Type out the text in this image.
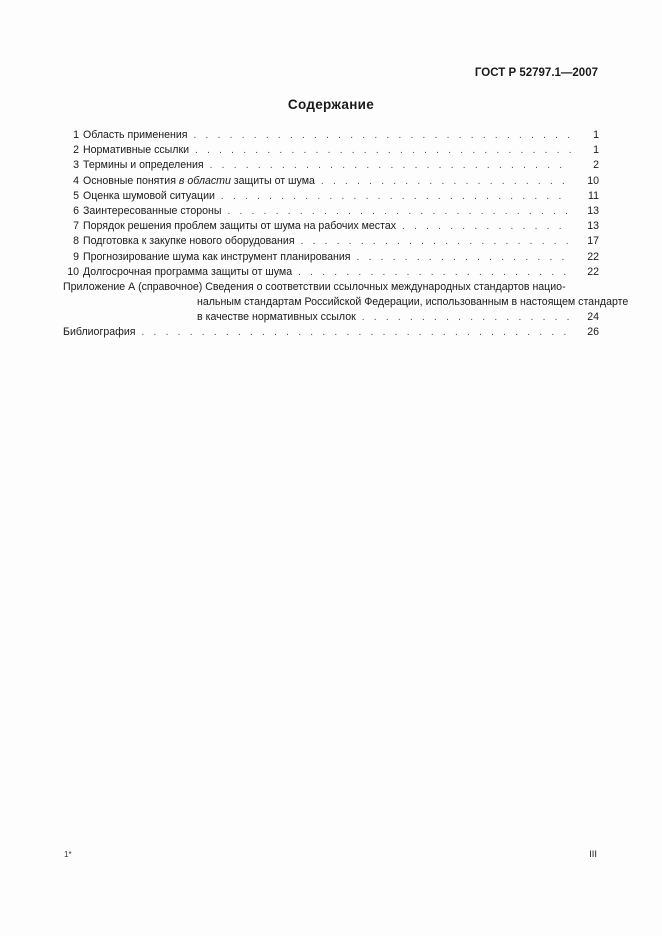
ГОСТ Р 52797.1—2007
Содержание
1 Область применения . . .	1
2 Нормативные ссылки . . .	1
3 Термины и определения . . .	2
4 Основные понятия в области защиты от шума . . .	10
5 Оценка шумовой ситуации . . .	11
6 Заинтересованные стороны . . .	13
7 Порядок решения проблем защиты от шума на рабочих местах . . .	13
8 Подготовка к закупке нового оборудования . . .	17
9 Прогнозирование шума как инструмент планирования . . .	22
10 Долгосрочная программа защиты от шума . . .	22
Приложение А (справочное) Сведения о соответствии ссылочных международных стандартов нацио-
нальным стандартам Российской Федерации, использованным в настоящем стандарте
в качестве нормативных ссылок . . .	24
Библиография . . .	26
1*	III
